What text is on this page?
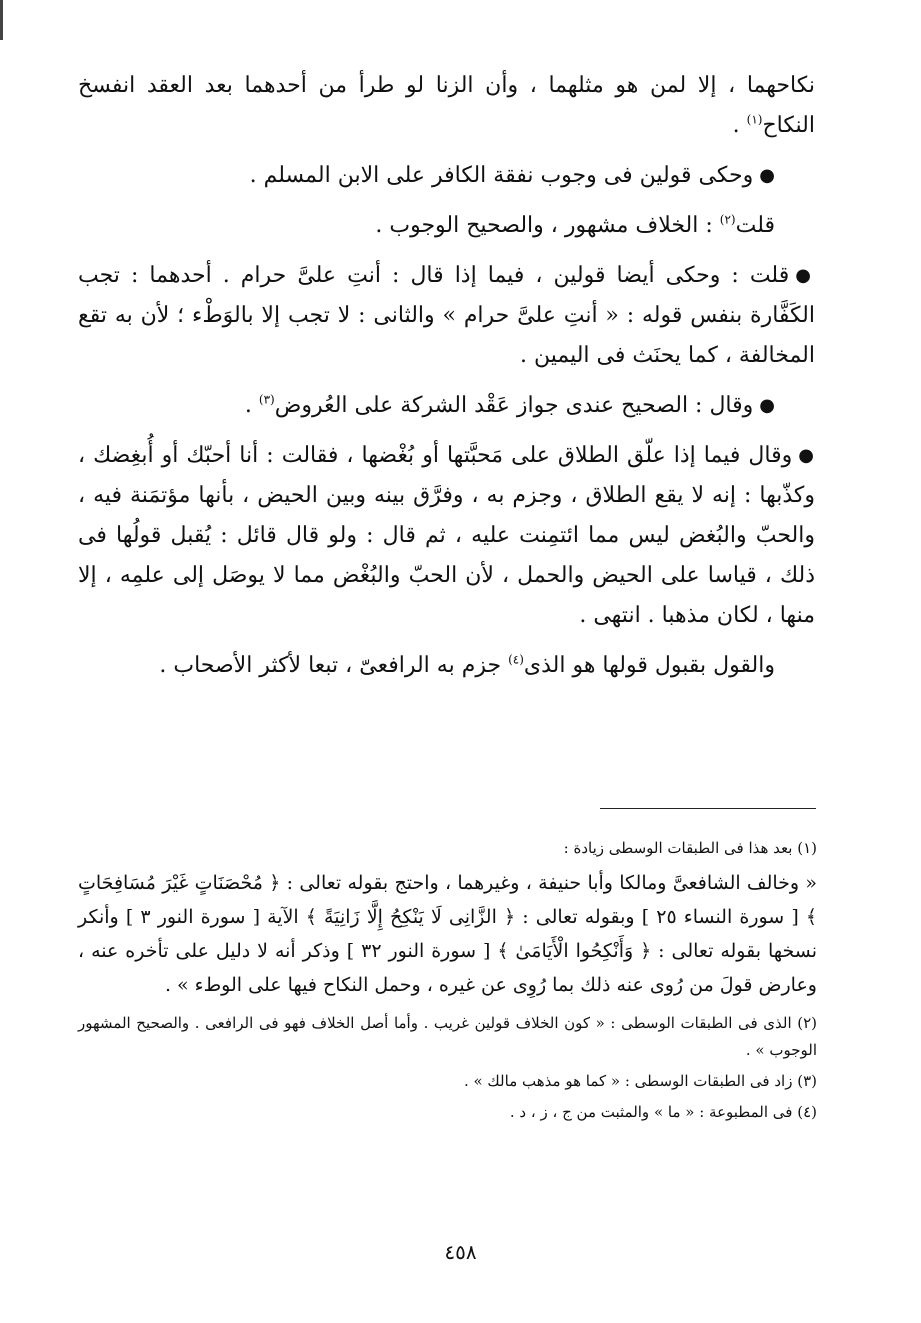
نكاحهما ، إلا لمن هو مثلهما ، وأن الزنا لو طرأ من أحدهما بعد العقد انفسخ النكاح$^{(١)}$ .

● وحكى قولين فى وجوب نفقة الكافر على الابن المسلم .

قلت$^{(٢)}$ : الخلاف مشهور ، والصحيح الوجوب .

● قلت : وحكى أيضا قولين ، فيما إذا قال : أنتِ علىَّ حرام . أحدهما : تجب الكَفَّارة بنفس قوله : « أنتِ علىَّ حرام » والثانى : لا تجب إلا بالوَطْء ؛ لأن به تقع المخالفة ، كما يحنَث فى اليمين .

● وقال : الصحيح عندى جواز عَقْد الشركة على العُروض$^{(٣)}$ .

● وقال فيما إذا علّق الطلاق على مَحبَّتها أو بُغْضها ، فقالت : أنا أحبّك أو أُبغِضك ، وكذّبها : إنه لا يقع الطلاق ، وجزم به ، وفرَّق بينه وبين الحيض ، بأنها مؤتمَنة فيه ، والحبّ والبُغض ليس مما ائتمِنت عليه ، ثم قال : ولو قال قائل : يُقبل قولُها فى ذلك ، قياسا على الحيض والحمل ، لأن الحبّ والبُغْض مما لا يوصَل إلى علمِه ، إلا منها ، لكان مذهبا . انتهى .

والقول بقبول قولها هو الذى$^{(٤)}$ جزم به الرافعىّ ، تبعا لأكثر الأصحاب .

(١) بعد هذا فى الطبقات الوسطى زيادة :

« وخالف الشافعىَّ ومالكا وأبا حنيفة ، وغيرهما ، واحتج بقوله تعالى : ﴿ مُحْصَنَاتٍ غَيْرَ مُسَافِحَاتٍ ﴾ [ سورة النساء ٢٥ ] وبقوله تعالى : ﴿ الزَّانِى لَا يَنْكِحُ إِلَّا زَانِيَةً ﴾ الآية [ سورة النور ٣ ] وأنكر نسخها بقوله تعالى : ﴿ وَأَنْكِحُوا الْأَيَامَىٰ ﴾ [ سورة النور ٣٢ ] وذكر أنه لا دليل على تأخره عنه ، وعارض قولَ من رُوى عنه ذلك بما رُوِى عن غيره ، وحمل النكاح فيها على الوطء » .

(٢) الذى فى الطبقات الوسطى : « كون الخلاف قولين غريب . وأما أصل الخلاف فهو فى الرافعى . والصحيح المشهور الوجوب » .

(٣) زاد فى الطبقات الوسطى : « كما هو مذهب مالك » .

(٤) فى المطبوعة : « ما » والمثبت من ج ، ز ، د .

٤٥٨
